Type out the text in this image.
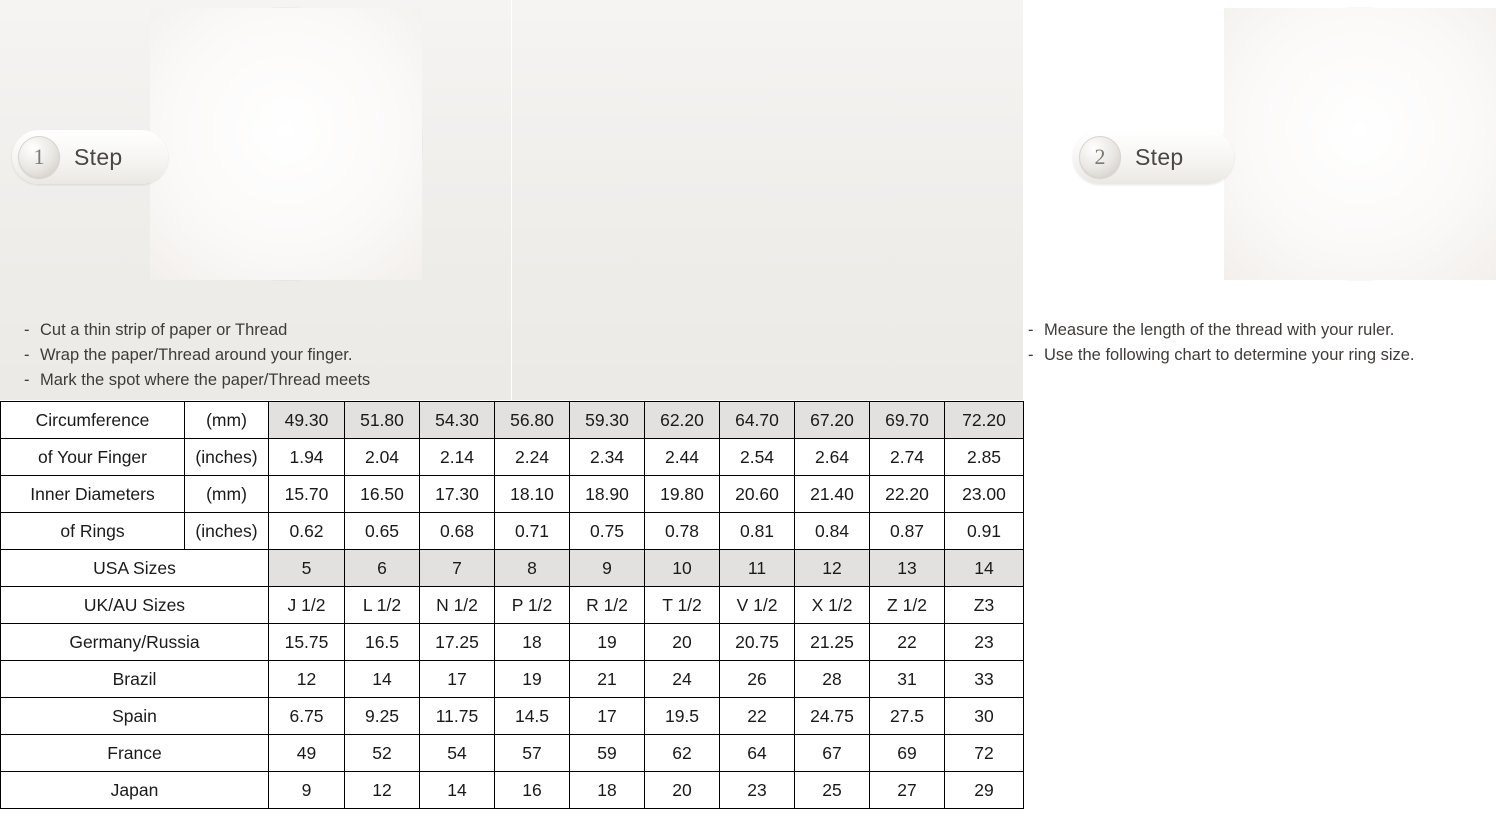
1	Step
- Cut a thin strip of paper or Thread
- Wrap the paper/Thread around your finger.
- Mark the spot where the paper/Thread meets
2	Step
- Measure the length of the thread with your ruler.
- Use the following chart to determine your ring size.
Circumference	(mm)	49.30	51.80	54.30	56.80	59.30	62.20	64.70	67.20	69.70	72.20
of Your Finger	(inches)	1.94	2.04	2.14	2.24	2.34	2.44	2.54	2.64	2.74	2.85
Inner Diameters	(mm)	15.70	16.50	17.30	18.10	18.90	19.80	20.60	21.40	22.20	23.00
of Rings	(inches)	0.62	0.65	0.68	0.71	0.75	0.78	0.81	0.84	0.87	0.91
USA Sizes		5	6	7	8	9	10	11	12	13	14
UK/AU Sizes		J 1/2	L 1/2	N 1/2	P 1/2	R 1/2	T 1/2	V 1/2	X 1/2	Z 1/2	Z3
Germany/Russia		15.75	16.5	17.25	18	19	20	20.75	21.25	22	23
Brazil		12	14	17	19	21	24	26	28	31	33
Spain		6.75	9.25	11.75	14.5	17	19.5	22	24.75	27.5	30
France		49	52	54	57	59	62	64	67	69	72
Japan		9	12	14	16	18	20	23	25	27	29
